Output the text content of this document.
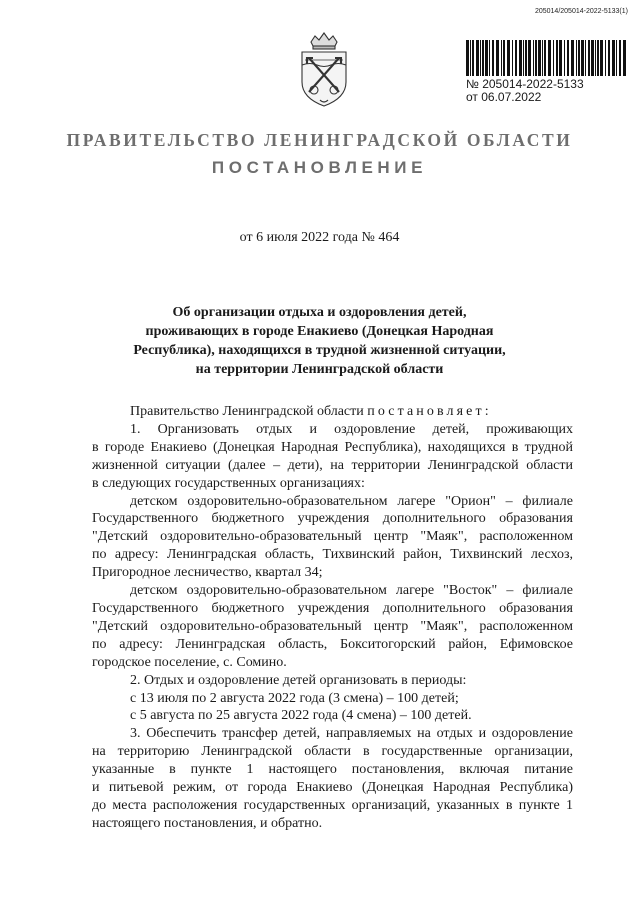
205014/205014-2022-5133(1)
№ 205014-2022-5133
от 06.07.2022
ПРАВИТЕЛЬСТВО ЛЕНИНГРАДСКОЙ ОБЛАСТИ
ПОСТАНОВЛЕНИЕ
от 6 июля 2022 года № 464
Об организации отдыха и оздоровления детей,
проживающих в городе Енакиево (Донецкая Народная
Республика), находящихся в трудной жизненной ситуации,
на территории Ленинградской области

Правительство Ленинградской области постановляет:

1. Организовать отдых и оздоровление детей, проживающих

в городе Енакиево (Донецкая Народная Республика), находящихся в трудной

жизненной ситуации (далее – дети), на территории Ленинградской области

в следующих государственных организациях:

детском оздоровительно-образовательном лагере "Орион" – филиале

Государственного бюджетного учреждения дополнительного образования

"Детский оздоровительно-образовательный центр "Маяк", расположенном

по адресу: Ленинградская область, Тихвинский район, Тихвинский лесхоз,

Пригородное лесничество, квартал 34;

детском оздоровительно-образовательном лагере "Восток" – филиале

Государственного бюджетного учреждения дополнительного образования

"Детский оздоровительно-образовательный центр "Маяк", расположенном

по адресу: Ленинградская область, Бокситогорский район, Ефимовское

городское поселение, с. Сомино.

2. Отдых и оздоровление детей организовать в периоды:

с 13 июля по 2 августа 2022 года (3 смена) – 100 детей;

с 5 августа по 25 августа 2022 года (4 смена) – 100 детей.

3. Обеспечить трансфер детей, направляемых на отдых и оздоровление

на территорию Ленинградской области в государственные организации,

указанные в пункте 1 настоящего постановления, включая питание

и питьевой режим, от города Енакиево (Донецкая Народная Республика)

до места расположения государственных организаций, указанных в пункте 1

настоящего постановления, и обратно.
